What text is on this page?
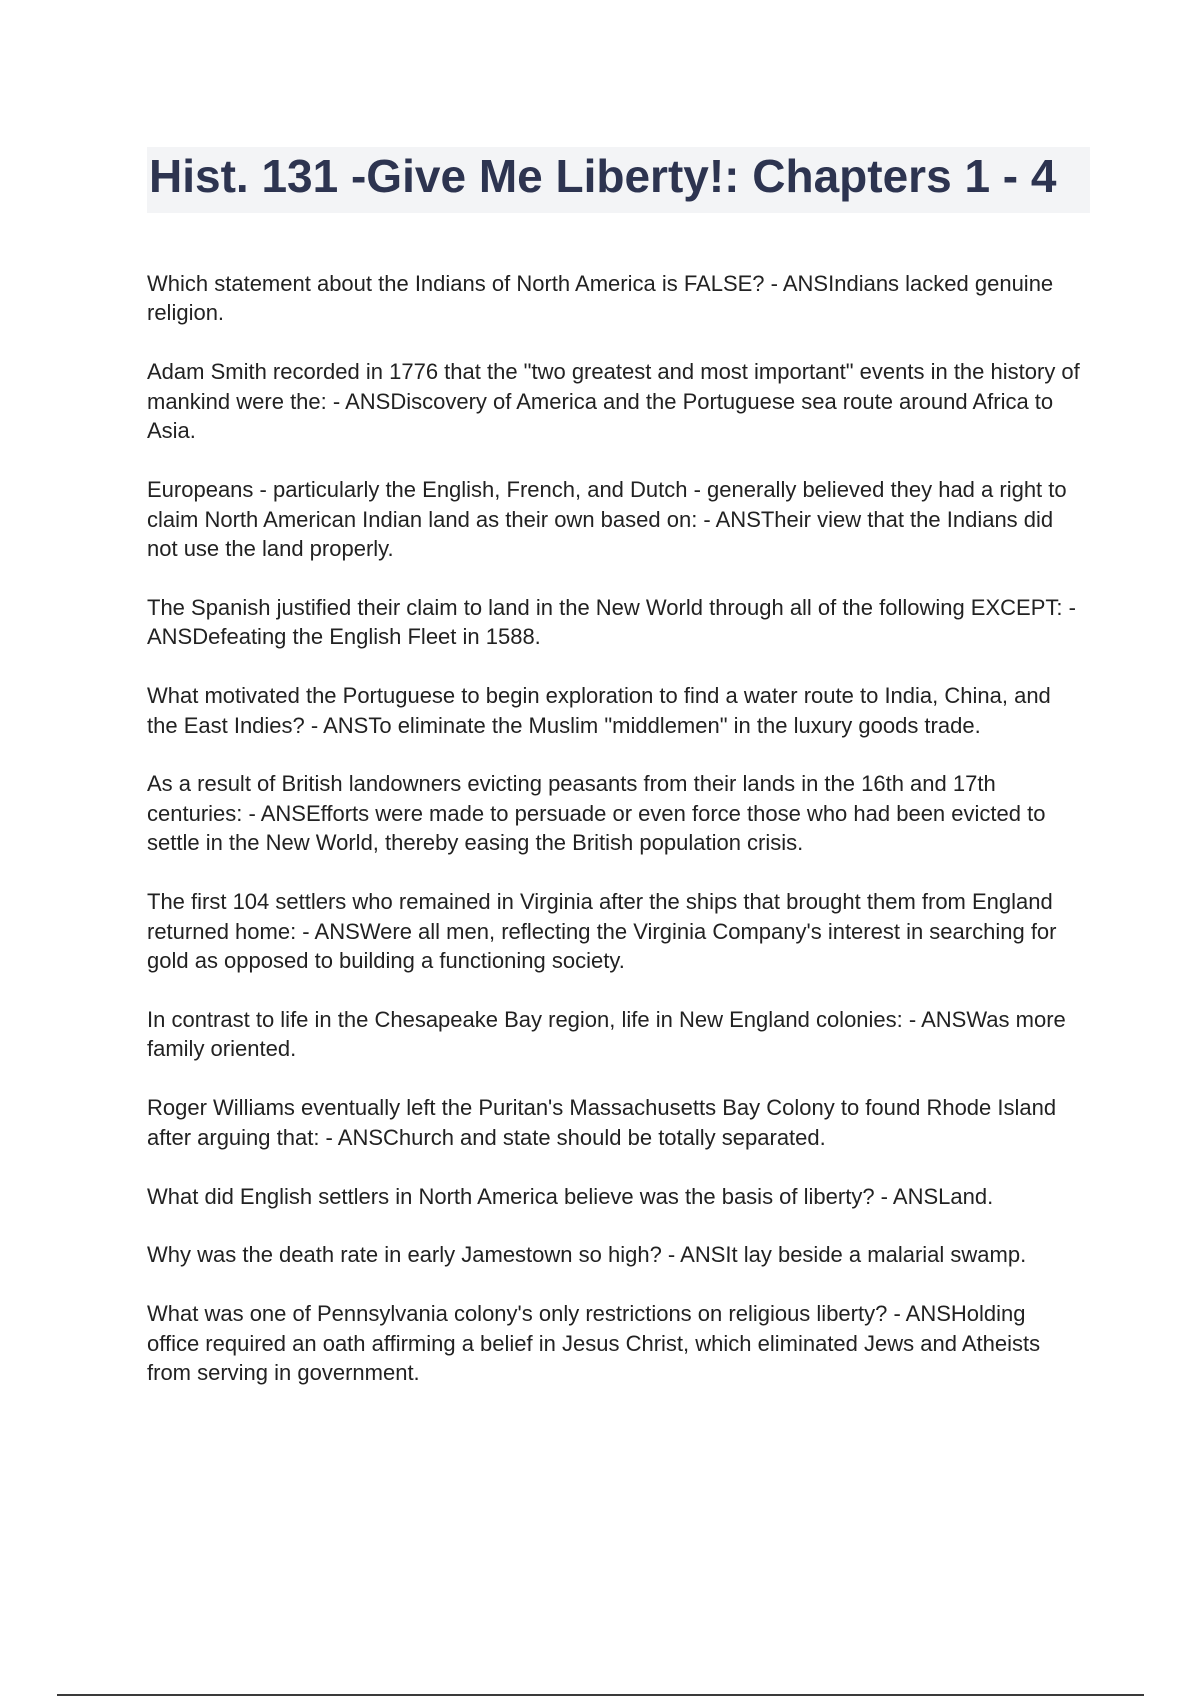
Hist. 131 -Give Me Liberty!: Chapters 1 - 4
Which statement about the Indians of North America is FALSE? - ANSIndians lacked genuine
religion.
Adam Smith recorded in 1776 that the "two greatest and most important" events in the history of
mankind were the: - ANSDiscovery of America and the Portuguese sea route around Africa to
Asia.
Europeans - particularly the English, French, and Dutch - generally believed they had a right to
claim North American Indian land as their own based on: - ANSTheir view that the Indians did
not use the land properly.
The Spanish justified their claim to land in the New World through all of the following EXCEPT: -
ANSDefeating the English Fleet in 1588.
What motivated the Portuguese to begin exploration to find a water route to India, China, and
the East Indies? - ANSTo eliminate the Muslim "middlemen" in the luxury goods trade.
As a result of British landowners evicting peasants from their lands in the 16th and 17th
centuries: - ANSEfforts were made to persuade or even force those who had been evicted to
settle in the New World, thereby easing the British population crisis.
The first 104 settlers who remained in Virginia after the ships that brought them from England
returned home: - ANSWere all men, reflecting the Virginia Company's interest in searching for
gold as opposed to building a functioning society.
In contrast to life in the Chesapeake Bay region, life in New England colonies: - ANSWas more
family oriented.
Roger Williams eventually left the Puritan's Massachusetts Bay Colony to found Rhode Island
after arguing that: - ANSChurch and state should be totally separated.
What did English settlers in North America believe was the basis of liberty? - ANSLand.
Why was the death rate in early Jamestown so high? - ANSIt lay beside a malarial swamp.
What was one of Pennsylvania colony's only restrictions on religious liberty? - ANSHolding
office required an oath affirming a belief in Jesus Christ, which eliminated Jews and Atheists
from serving in government.
